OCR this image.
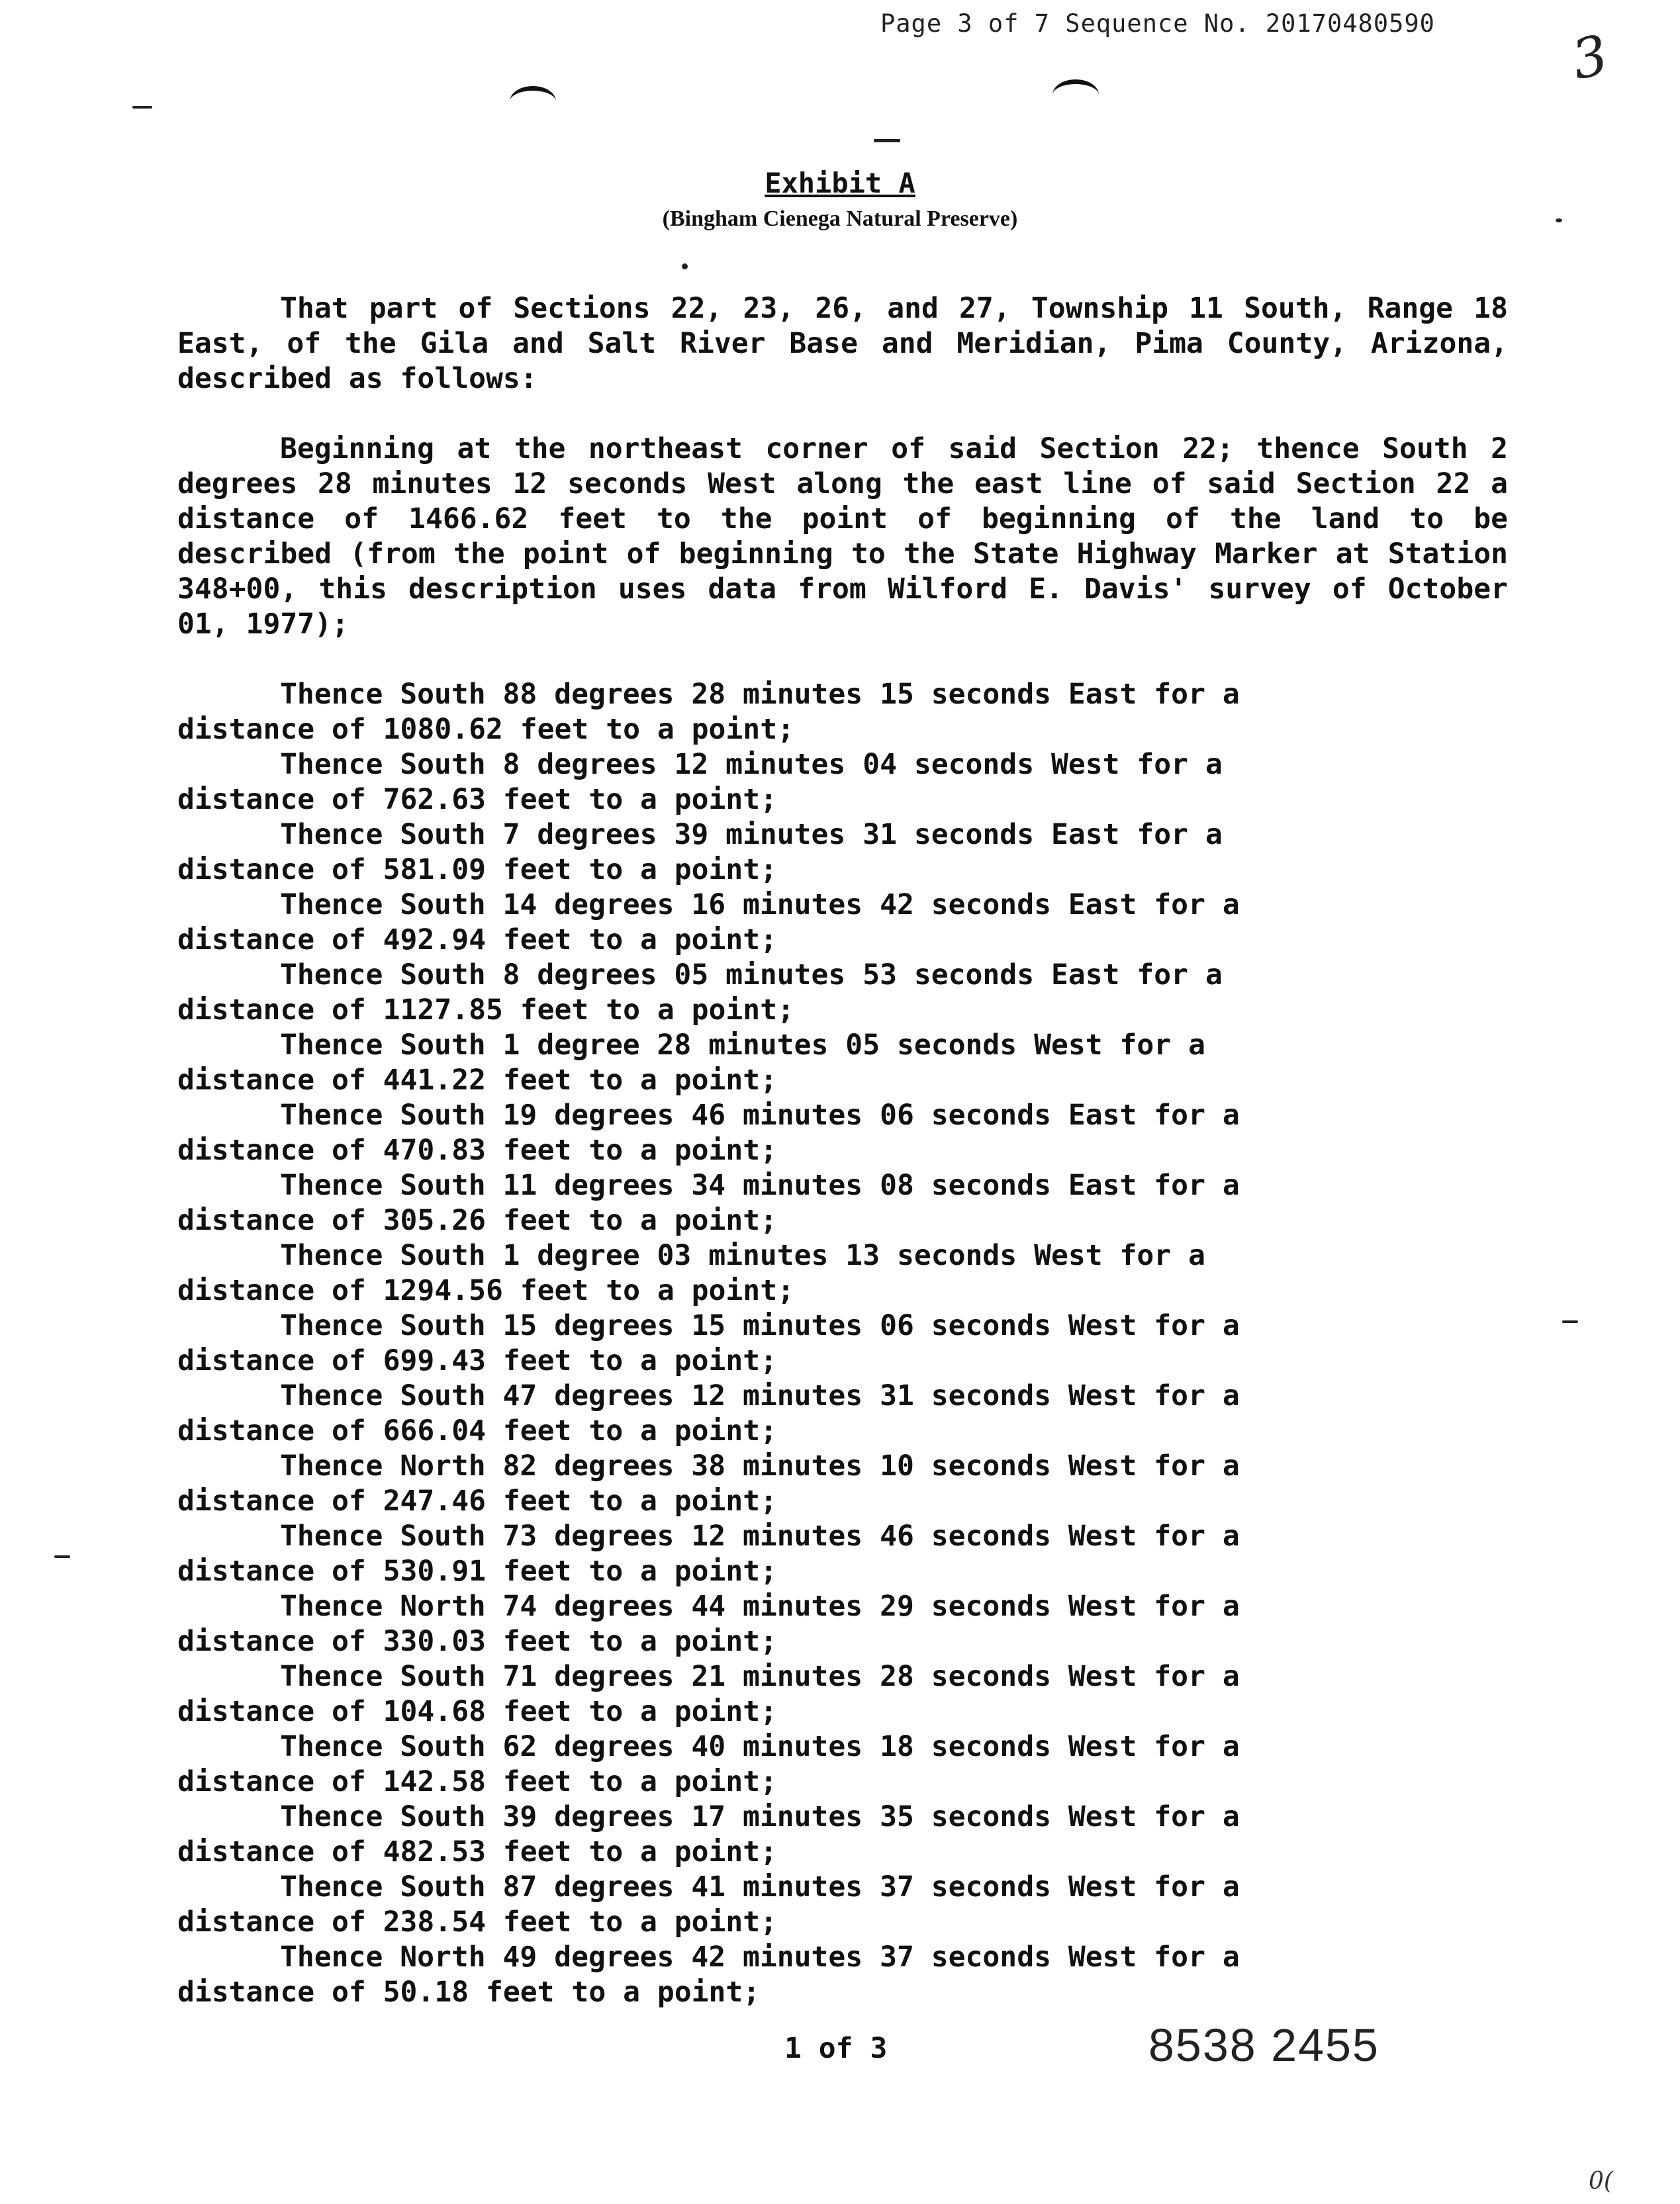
Page 3 of 7 Sequence No. 20170480590
3
Exhibit A
(Bingham Cienega Natural Preserve)

That part of Sections 22, 23, 26, and 27, Township 11 South, Range 18 East, of the Gila and Salt River Base and Meridian, Pima County, Arizona, described as follows:

Beginning at the northeast corner of said Section 22; thence South 2 degrees 28 minutes 12 seconds West along the east line of said Section 22 a distance of 1466.62 feet to the point of beginning of the land to be described (from the point of beginning to the State Highway Marker at Station 348+00, this description uses data from Wilford E. Davis' survey of October 01, 1977);

Thence South 88 degrees 28 minutes 15 seconds East for a
distance of 1080.62 feet to a point;
Thence South 8 degrees 12 minutes 04 seconds West for a
distance of 762.63 feet to a point;
Thence South 7 degrees 39 minutes 31 seconds East for a
distance of 581.09 feet to a point;
Thence South 14 degrees 16 minutes 42 seconds East for a
distance of 492.94 feet to a point;
Thence South 8 degrees 05 minutes 53 seconds East for a
distance of 1127.85 feet to a point;
Thence South 1 degree 28 minutes 05 seconds West for a
distance of 441.22 feet to a point;
Thence South 19 degrees 46 minutes 06 seconds East for a
distance of 470.83 feet to a point;
Thence South 11 degrees 34 minutes 08 seconds East for a
distance of 305.26 feet to a point;
Thence South 1 degree 03 minutes 13 seconds West for a
distance of 1294.56 feet to a point;
Thence South 15 degrees 15 minutes 06 seconds West for a
distance of 699.43 feet to a point;
Thence South 47 degrees 12 minutes 31 seconds West for a
distance of 666.04 feet to a point;
Thence North 82 degrees 38 minutes 10 seconds West for a
distance of 247.46 feet to a point;
Thence South 73 degrees 12 minutes 46 seconds West for a
distance of 530.91 feet to a point;
Thence North 74 degrees 44 minutes 29 seconds West for a
distance of 330.03 feet to a point;
Thence South 71 degrees 21 minutes 28 seconds West for a
distance of 104.68 feet to a point;
Thence South 62 degrees 40 minutes 18 seconds West for a
distance of 142.58 feet to a point;
Thence South 39 degrees 17 minutes 35 seconds West for a
distance of 482.53 feet to a point;
Thence South 87 degrees 41 minutes 37 seconds West for a
distance of 238.54 feet to a point;
Thence North 49 degrees 42 minutes 37 seconds West for a
distance of 50.18 feet to a point;
1 of 3	8538 2455
0(
